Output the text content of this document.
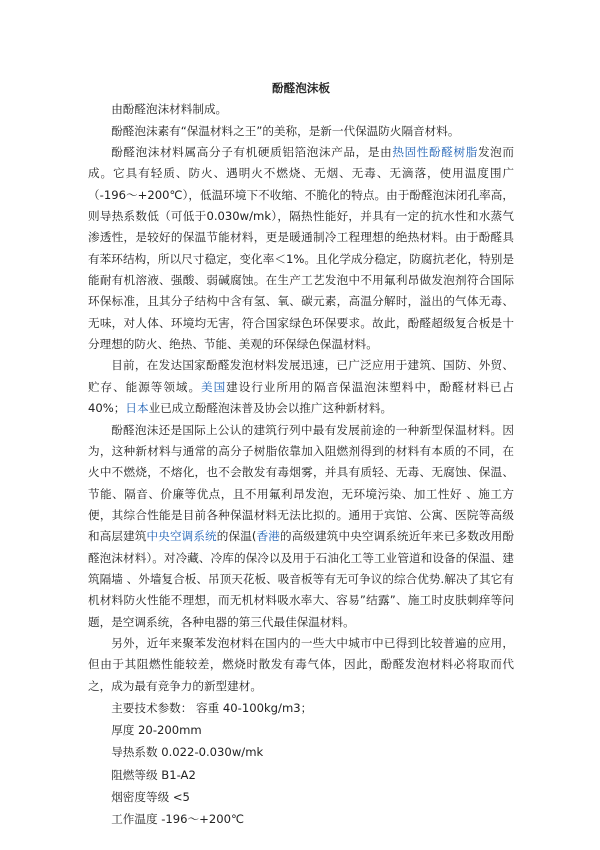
酚醛泡沫板

由酚醛泡沫材料制成。

酚醛泡沫素有“保温材料之王”的美称，是新一代保温防火隔音材料。

酚醛泡沫材料属高分子有机硬质铝箔泡沫产品，是由热固性酚醛树脂发泡而成。它具有轻质、防火、遇明火不燃烧、无烟、无毒、无滴落，使用温度围广（-196～+200℃），低温环境下不收缩、不脆化的特点。由于酚醛泡沫闭孔率高，则导热系数低（可低于0.030w/mk），隔热性能好，并具有一定的抗水性和水蒸气渗透性，是较好的保温节能材料，更是暖通制冷工程理想的绝热材料。由于酚醛具有苯环结构，所以尺寸稳定，变化率＜1%。且化学成分稳定，防腐抗老化，特别是能耐有机溶液、强酸、弱碱腐蚀。在生产工艺发泡中不用氟利昂做发泡剂符合国际环保标准，且其分子结构中含有氢、氧、碳元素，高温分解时，溢出的气体无毒、无味，对人体、环境均无害，符合国家绿色环保要求。故此，酚醛超级复合板是十分理想的防火、绝热、节能、美观的环保绿色保温材料。

目前，在发达国家酚醛发泡材料发展迅速，已广泛应用于建筑、国防、外贸、贮存、能源等领域。美国建设行业所用的隔音保温泡沫塑料中，酚醛材料已占 40%；日本业已成立酚醛泡沫普及协会以推广这种新材料。

酚醛泡沫还是国际上公认的建筑行列中最有发展前途的一种新型保温材料。因为，这种新材料与通常的高分子树脂依靠加入阻燃剂得到的材料有本质的不同，在火中不燃烧，不熔化，也不会散发有毒烟雾，并具有质轻、无毒、无腐蚀、保温、节能、隔音、价廉等优点，且不用氟利昂发泡，无环境污染、加工性好 、施工方便，其综合性能是目前各种保温材料无法比拟的。通用于宾馆、公寓、医院等高级和高层建筑中央空调系统的保温(香港的高级建筑中央空调系统近年来已多数改用酚醛泡沫材料）。对冷藏、冷库的保冷以及用于石油化工等工业管道和设备的保温、建筑隔墙 、外墙复合板、吊顶天花板、吸音板等有无可争议的综合优势.解决了其它有机材料防火性能不理想，而无机材料吸水率大、容易”结露”、施工时皮肤刺痒等问题，是空调系统，各种电器的第三代最佳保温材料。

另外，近年来聚苯发泡材料在国内的一些大中城市中已得到比较普遍的应用，但由于其阻燃性能较差，燃烧时散发有毒气体，因此，酚醛发泡材料必将取而代之，成为最有竞争力的新型建材。

主要技术参数： 容重 40-100kg/m3；

厚度 20-200mm

导热系数 0.022-0.030w/mk

阻燃等级 B1-A2

烟密度等级 <5

工作温度 -196～+200℃
